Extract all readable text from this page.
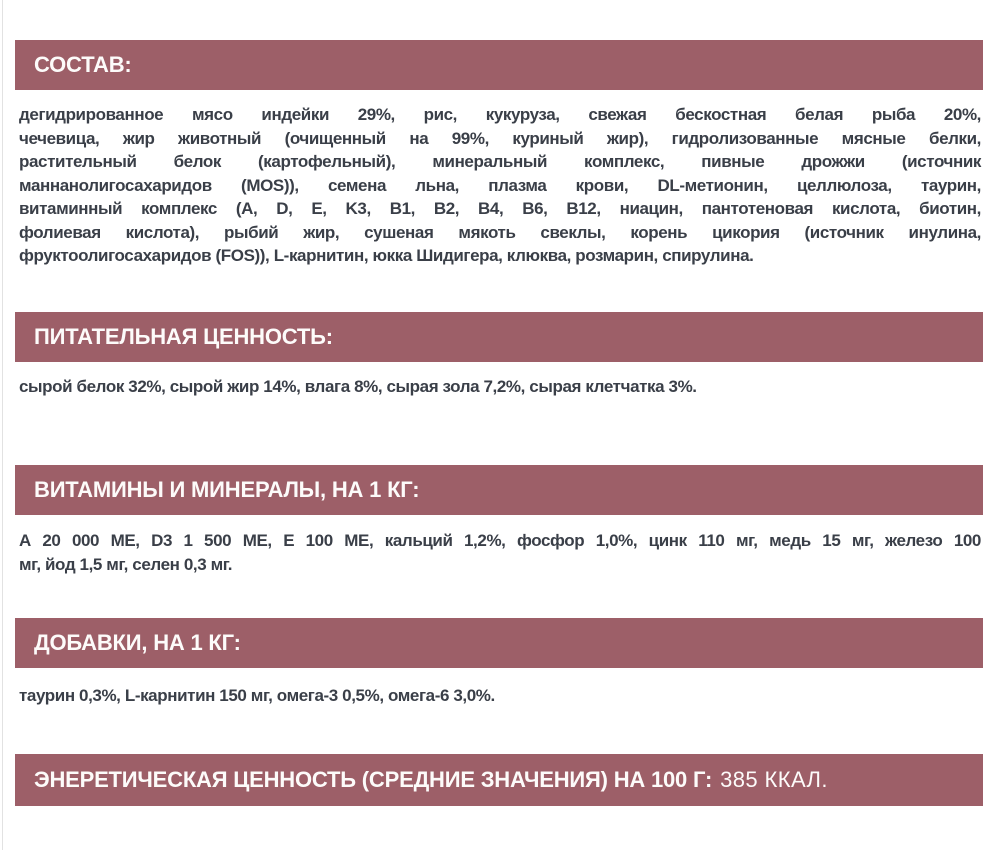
СОСТАВ:
дегидрированное мясо индейки 29%, рис, кукуруза, свежая бескостная белая рыба 20%,
чечевица, жир животный (очищенный на 99%, куриный жир), гидролизованные мясные белки,
растительный белок (картофельный), минеральный комплекс, пивные дрожжи (источник
маннанолигосахаридов (MOS)), семена льна, плазма крови, DL-метионин, целлюлоза, таурин,
витаминный комплекс (A, D, E, K3, B1, B2, B4, B6, B12, ниацин, пантотеновая кислота, биотин,
фолиевая кислота), рыбий жир, сушеная мякоть свеклы, корень цикория (источник инулина,
фруктоолигосахаридов (FOS)), L-карнитин, юкка Шидигера, клюква, розмарин, спирулина.
ПИТАТЕЛЬНАЯ ЦЕННОСТЬ:
сырой белок 32%, сырой жир 14%, влага 8%, сырая зола 7,2%, сырая клетчатка 3%.
ВИТАМИНЫ И МИНЕРАЛЫ, НА 1 КГ:
А 20 000 МЕ, D3 1 500 МЕ, Е 100 МЕ, кальций 1,2%, фосфор 1,0%, цинк 110 мг, медь 15 мг, железо 100
мг, йод 1,5 мг, селен 0,3 мг.
ДОБАВКИ, НА 1 КГ:
таурин 0,3%, L-карнитин 150 мг, омега-3 0,5%, омега-6 3,0%.
ЭНЕРЕТИЧЕСКАЯ ЦЕННОСТЬ (СРЕДНИЕ ЗНАЧЕНИЯ) НА 100 Г: 385 ККАЛ.
